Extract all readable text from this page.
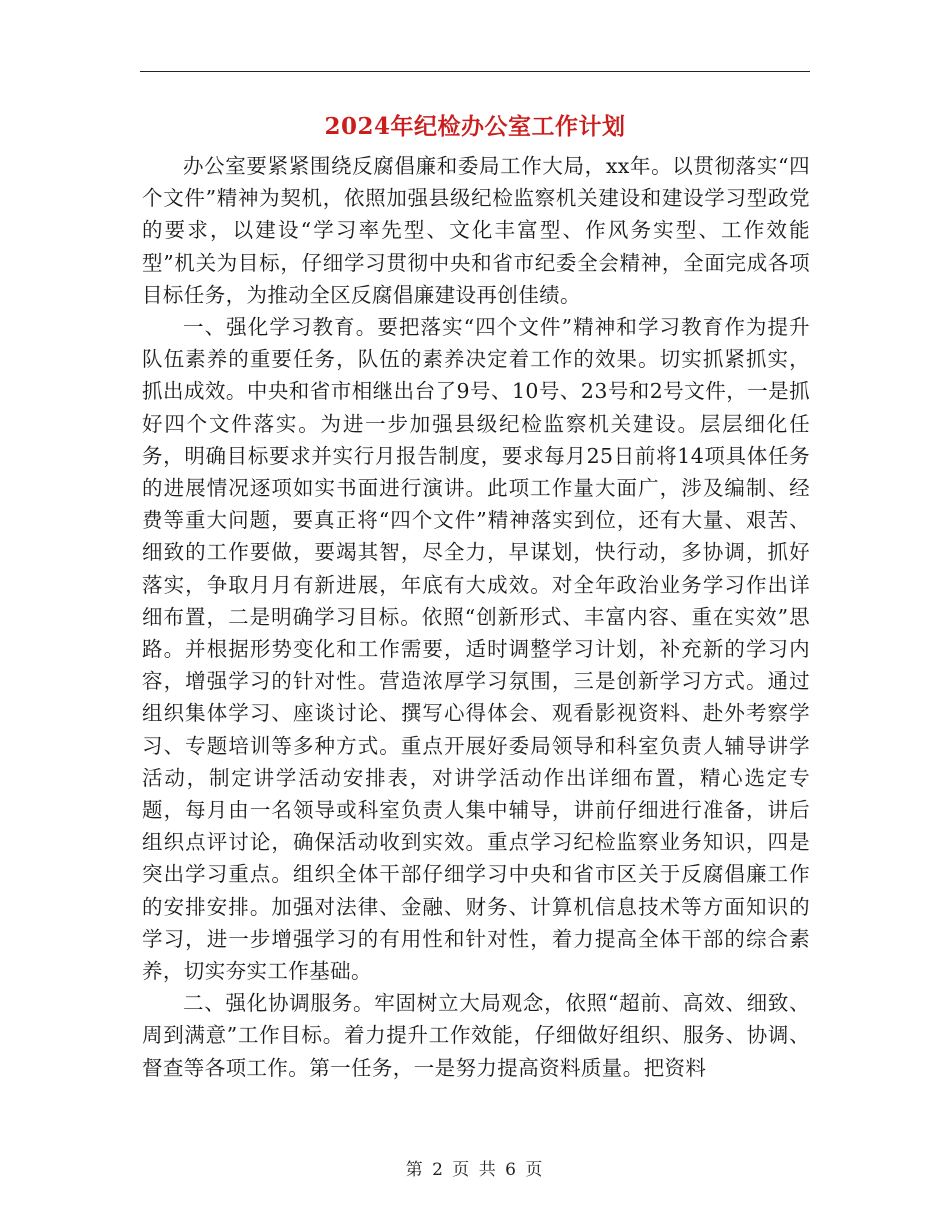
2024年纪检办公室工作计划

办公室要紧紧围绕反腐倡廉和委局工作大局，xx年。以贯彻落实“四个文件”精神为契机，依照加强县级纪检监察机关建设和建设学习型政党的要求，以建设“学习率先型、文化丰富型、作风务实型、工作效能型”机关为目标，仔细学习贯彻中央和省市纪委全会精神，全面完成各项目标任务，为推动全区反腐倡廉建设再创佳绩。

一、强化学习教育。要把落实“四个文件”精神和学习教育作为提升队伍素养的重要任务，队伍的素养决定着工作的效果。切实抓紧抓实，抓出成效。中央和省市相继出台了9号、10号、23号和2号文件，一是抓好四个文件落实。为进一步加强县级纪检监察机关建设。层层细化任务，明确目标要求并实行月报告制度，要求每月25日前将14项具体任务的进展情况逐项如实书面进行演讲。此项工作量大面广，涉及编制、经费等重大问题，要真正将“四个文件”精神落实到位，还有大量、艰苦、细致的工作要做，要竭其智，尽全力，早谋划，快行动，多协调，抓好落实，争取月月有新进展，年底有大成效。对全年政治业务学习作出详细布置，二是明确学习目标。依照“创新形式、丰富内容、重在实效”思路。并根据形势变化和工作需要，适时调整学习计划，补充新的学习内容，增强学习的针对性。营造浓厚学习氛围，三是创新学习方式。通过组织集体学习、座谈讨论、撰写心得体会、观看影视资料、赴外考察学习、专题培训等多种方式。重点开展好委局领导和科室负责人辅导讲学活动，制定讲学活动安排表，对讲学活动作出详细布置，精心选定专题，每月由一名领导或科室负责人集中辅导，讲前仔细进行准备，讲后组织点评讨论，确保活动收到实效。重点学习纪检监察业务知识，四是突出学习重点。组织全体干部仔细学习中央和省市区关于反腐倡廉工作的安排安排。加强对法律、金融、财务、计算机信息技术等方面知识的学习，进一步增强学习的有用性和针对性，着力提高全体干部的综合素养，切实夯实工作基础。

二、强化协调服务。牢固树立大局观念，依照“超前、高效、细致、周到满意”工作目标。着力提升工作效能，仔细做好组织、服务、协调、督查等各项工作。第一任务，一是努力提高资料质量。把资料

第 2 页 共 6 页
